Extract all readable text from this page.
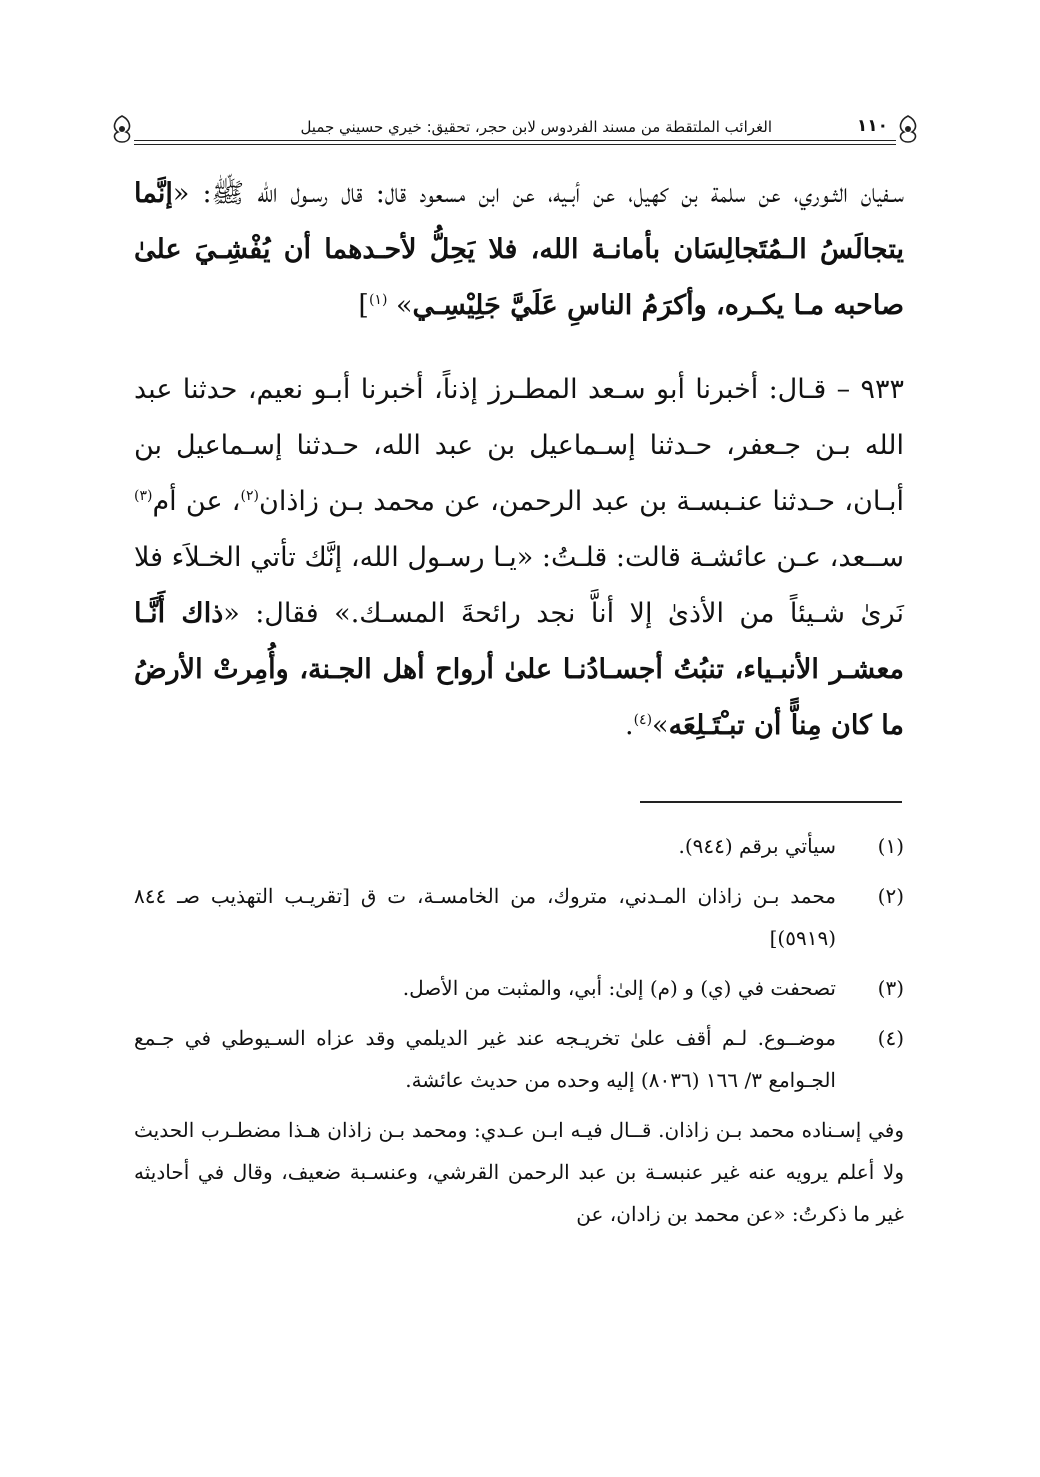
١١٠
الغرائب الملتقطة من مسند الفردوس لابن حجر، تحقيق: خيري حسيني جميل

سـفيان الثـوري، عن سلمة بن كهيل، عن أبـيه، عن ابن مسعود قال: قال رسـول الله ﷺ: «إنَّما يتجالَسُ الـمُتَجالِسَان بأمانـة الله، فلا يَحِلُّ لأحـدهما أن يُفْشِـيَ علىٰ صاحبه مـا يكـره، وأكرَمُ الناسِ عَلَيَّ جَلِيْسِـي» $^{(١)}$]

٩٣٣ – قـال: أخبرنا أبو سـعد المطـرز إذناً، أخبرنا أبـو نعيم، حدثنا عبد الله بـن جـعفر، حـدثنا إسـماعيل بن عبد الله، حـدثنا إسـماعيل بن أبـان، حـدثنا عنـبسـة بن عبد الرحمن، عن محمد بـن زاذان$^{(٢)}$، عن أم$^{(٣)}$ ســعد، عـن عائشـة قالت: قلـتُ: «يـا رسـول الله، إنَّك تأتي الخـلاَء فلا نَرىٰ شـيئاً من الأذىٰ إلا أناَّ نجد رائحةَ المسـك.» فقال: «ذاك أَنَّـا معشـر الأنبـياء، تنبُتُ أجسـادُنـا علىٰ أرواح أهل الجـنة، وأُمِرتْ الأرضُ ما كان مِناًّ أن تبـْتَـلِعَه»$^{(٤)}$.

(١)
سيأتي برقم (٩٤٤).
(٢)
محمد بـن زاذان المـدني، متروك، من الخامسـة، ت ق [تقريـب التهذيب صـ ٨٤٤ (٥٩١٩)]
(٣)
تصحفت في (ي) و (م) إلىٰ: أبي، والمثبت من الأصل.
(٤)
موضــوع. لـم أقف علىٰ تخريـجه عند غير الديلمي وقد عزاه السـيوطي في جـمع الجـوامع ٣/ ١٦٦ (٨٠٣٦) إليه وحده من حديث عائشة.
وفي إسـناده محمد بـن زاذان. قــال فيـه ابـن عـدي: ومحمد بـن زاذان هـذا مضطـرب الحديث ولا أعلم يرويه عنه غير عنبسـة بن عبد الرحمن القرشي، وعنسـبة ضعيف، وقال في أحاديثه غير ما ذكرتُ: «عن محمد بن زادان، عن
